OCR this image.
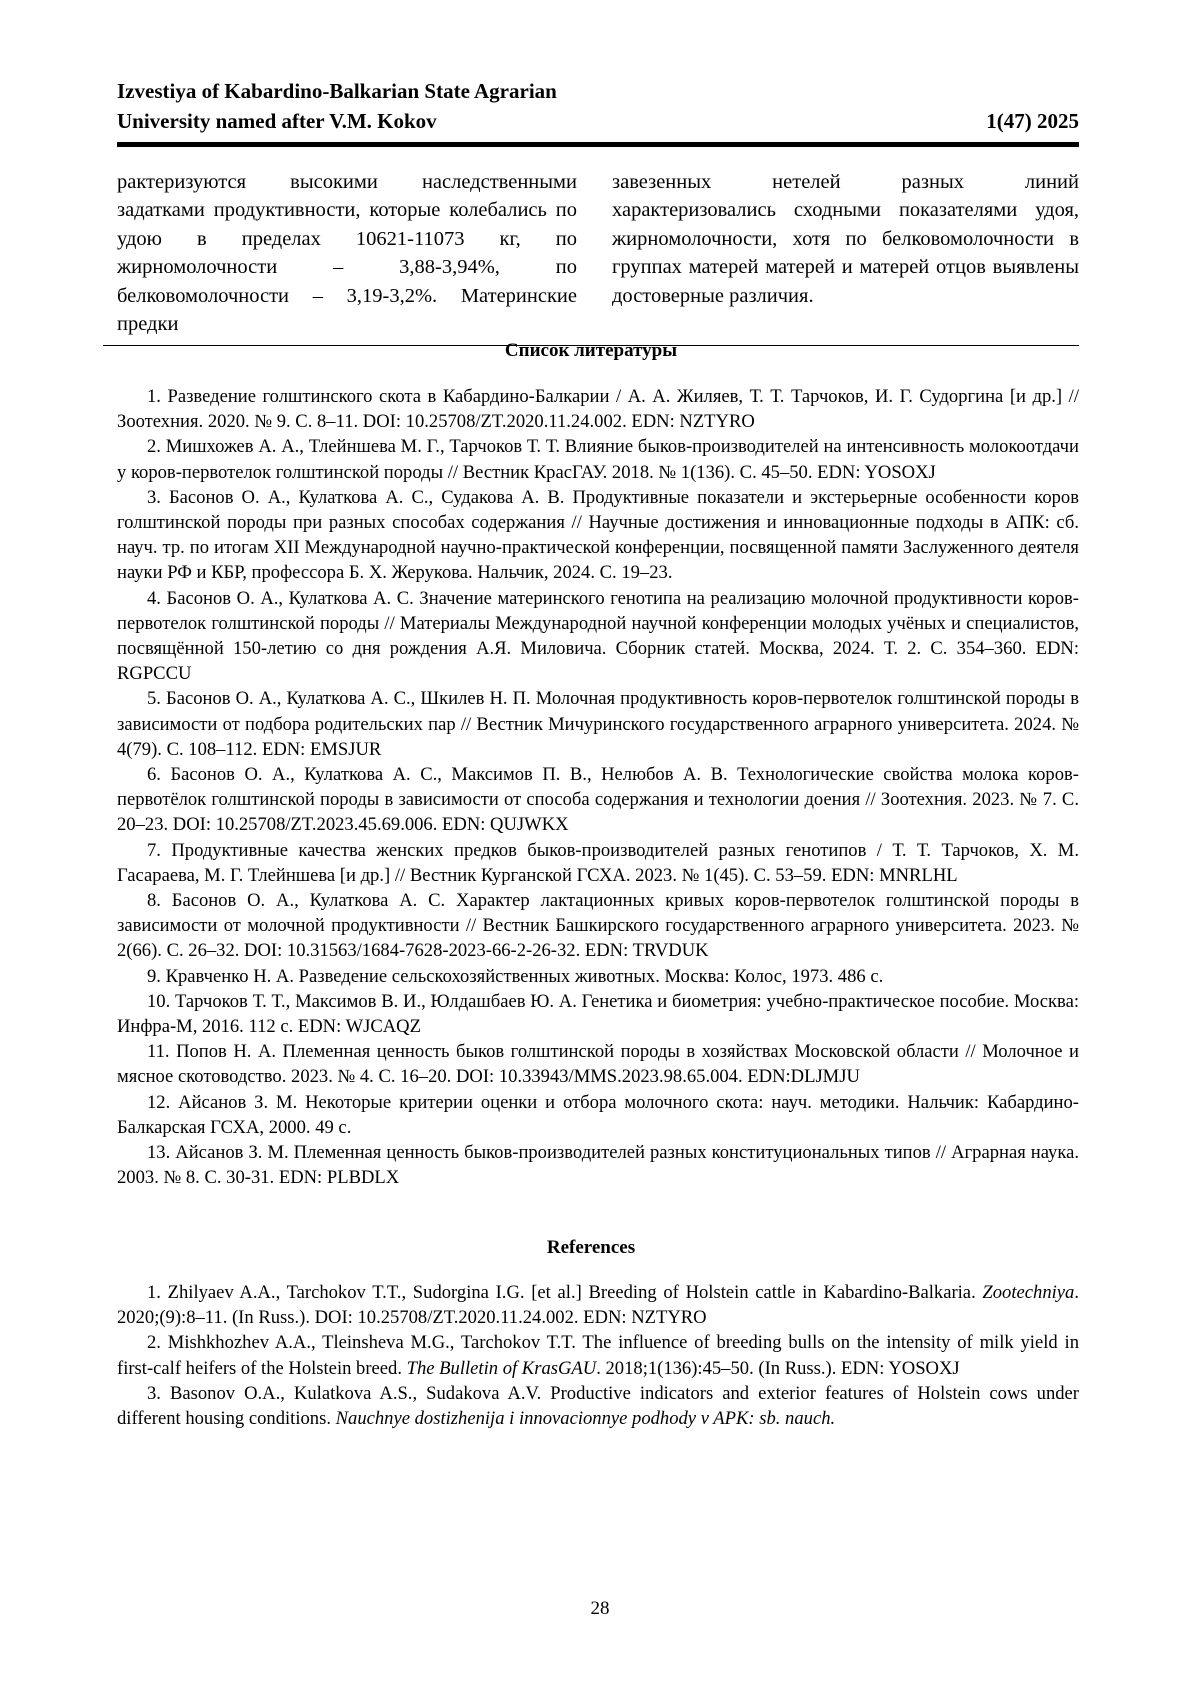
Izvestiya of Kabardino-Balkarian State Agrarian
University named after V.M. Kokov	1(47) 2025
рактеризуются высокими наследственными задатками продуктивности, которые колебались по удою в пределах 10621-11073 кг, по жирномолочности – 3,88-3,94%, по белковомолочности – 3,19-3,2%. Материнские предки
завезенных нетелей разных линий характеризовались сходными показателями удоя, жирномолочности, хотя по белковомолочности в группах матерей матерей и матерей отцов выявлены достоверные различия.
Список литературы

1. Разведение голштинского скота в Кабардино-Балкарии / А. А. Жиляев, Т. Т. Тарчоков, И. Г. Судоргина [и др.] // Зоотехния. 2020. № 9. С. 8–11. DOI: 10.25708/ZT.2020.11.24.002. EDN: NZTYRO

2. Мишхожев А. А., Тлейншева М. Г., Тарчоков Т. Т. Влияние быков-производителей на интенсивность молокоотдачи у коров-первотелок голштинской породы // Вестник КрасГАУ. 2018. № 1(136). С. 45–50. EDN: YOSOXJ

3. Басонов О. А., Кулаткова А. С., Судакова А. В. Продуктивные показатели и экстерьерные особенности коров голштинской породы при разных способах содержания // Научные достижения и инновационные подходы в АПК: сб. науч. тр. по итогам XII Международной научно-практической конференции, посвященной памяти Заслуженного деятеля науки РФ и КБР, профессора Б. Х. Жерукова. Нальчик, 2024. С. 19–23.

4. Басонов О. А., Кулаткова А. С. Значение материнского генотипа на реализацию молочной продуктивности коров-первотелок голштинской породы // Материалы Международной научной конференции молодых учёных и специалистов, посвящённой 150-летию со дня рождения А.Я. Миловича. Сборник статей. Москва, 2024. Т. 2. С. 354–360. EDN: RGPCCU

5. Басонов О. А., Кулаткова А. С., Шкилев Н. П. Молочная продуктивность коров-первотелок голштинской породы в зависимости от подбора родительских пар // Вестник Мичуринского государственного аграрного университета. 2024. № 4(79). С. 108–112. EDN: EMSJUR

6. Басонов О. А., Кулаткова А. С., Максимов П. В., Нелюбов А. В. Технологические свойства молока коров-первотёлок голштинской породы в зависимости от способа содержания и технологии доения // Зоотехния. 2023. № 7. С. 20–23. DOI: 10.25708/ZT.2023.45.69.006. EDN: QUJWKX

7. Продуктивные качества женских предков быков-производителей разных генотипов / Т. Т. Тарчоков, Х. М. Гасараева, М. Г. Тлейншева [и др.] // Вестник Курганской ГСХА. 2023. № 1(45). С. 53–59. EDN: MNRLHL

8. Басонов О. А., Кулаткова А. С. Характер лактационных кривых коров-первотелок голштинской породы в зависимости от молочной продуктивности // Вестник Башкирского государственного аграрного университета. 2023. № 2(66). С. 26–32. DOI: 10.31563/1684-7628-2023-66-2-26-32. EDN: TRVDUK

9. Кравченко Н. А. Разведение сельскохозяйственных животных. Москва: Колос, 1973. 486 с.

10. Тарчоков Т. Т., Максимов В. И., Юлдашбаев Ю. А. Генетика и биометрия: учебно-практическое пособие. Москва: Инфра-М, 2016. 112 с. EDN: WJCAQZ

11. Попов Н. А. Племенная ценность быков голштинской породы в хозяйствах Московской области // Молочное и мясное скотоводство. 2023. № 4. С. 16–20. DOI: 10.33943/MMS.2023.98.65.004. EDN:DLJMJU

12. Айсанов З. М. Некоторые критерии оценки и отбора молочного скота: науч. методики. Нальчик: Кабардино-Балкарская ГСХА, 2000. 49 с.

13. Айсанов З. М. Племенная ценность быков-производителей разных конституциональных типов // Аграрная наука. 2003. № 8. С. 30-31. EDN: PLBDLX

References

1. Zhilyaev A.A., Tarchokov T.T., Sudorgina I.G. [et al.] Breeding of Holstein cattle in Kabardino-Balkaria. Zootechniya. 2020;(9):8–11. (In Russ.). DOI: 10.25708/ZT.2020.11.24.002. EDN: NZTYRO

2. Mishkhozhev A.A., Tleinsheva M.G., Tarchokov T.T. The influence of breeding bulls on the intensity of milk yield in first-calf heifers of the Holstein breed. The Bulletin of KrasGAU. 2018;1(136):45–50. (In Russ.). EDN: YOSOXJ

3. Basonov O.A., Kulatkova A.S., Sudakova A.V. Productive indicators and exterior features of Holstein cows under different housing conditions. Nauchnye dostizhenija i innovacionnye podhody v APK: sb. nauch.

28
